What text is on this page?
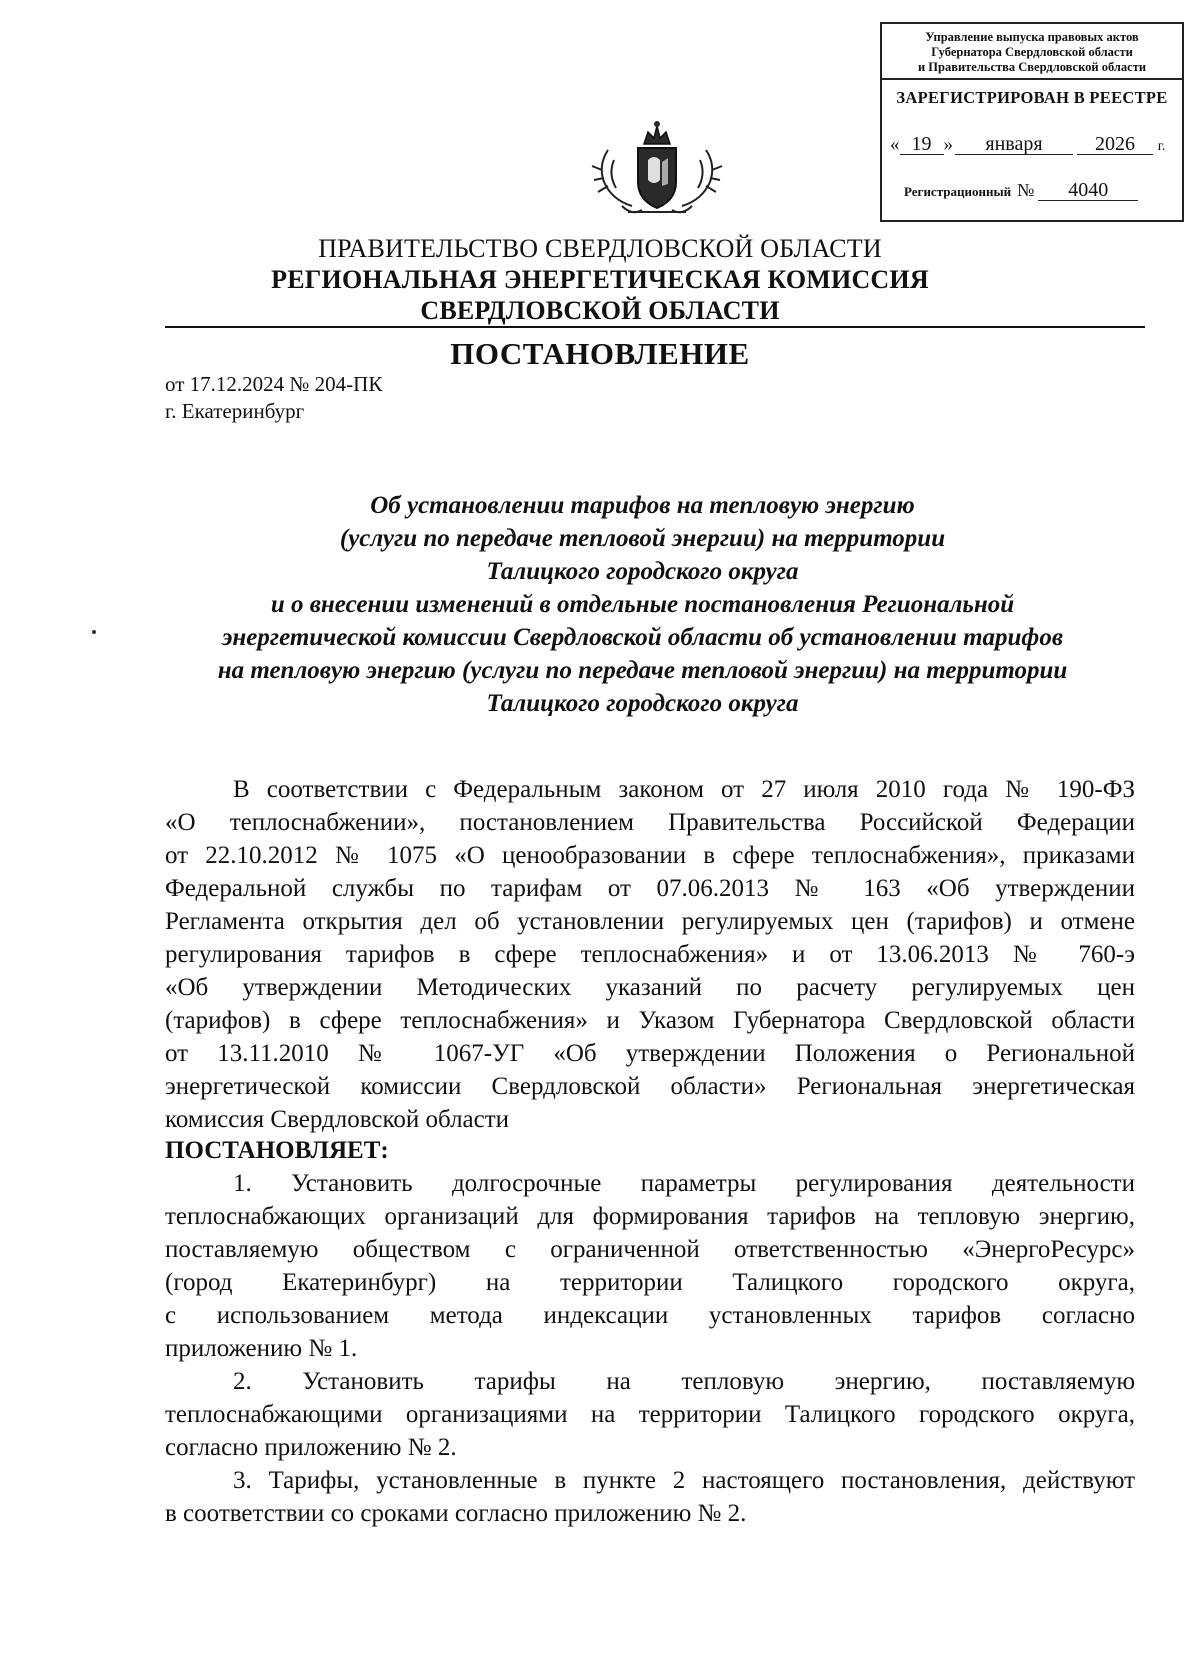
Управление выпуска правовых актов
Губернатора Свердловской области
и Правительства Свердловской области
ЗАРЕГИСТРИРОВАН В РЕЕСТРЕ
« 19 » января	2026 г.
Регистрационный № 4040
ПРАВИТЕЛЬСТВО СВЕРДЛОВСКОЙ ОБЛАСТИ
РЕГИОНАЛЬНАЯ ЭНЕРГЕТИЧЕСКАЯ КОМИССИЯ
СВЕРДЛОВСКОЙ ОБЛАСТИ
ПОСТАНОВЛЕНИЕ
от 17.12.2024 № 204-ПК
г. Екатеринбург
Об установлении тарифов на тепловую энергию
(услуги по передаче тепловой энергии) на территории
Талицкого городского округа
и о внесении изменений в отдельные постановления Региональной
энергетической комиссии Свердловской области об установлении тарифов
на тепловую энергию (услуги по передаче тепловой энергии) на территории
Талицкого городского округа
В соответствии с Федеральным законом от 27 июля 2010 года № 190-ФЗ
«О теплоснабжении», постановлением Правительства Российской Федерации
от 22.10.2012 № 1075 «О ценообразовании в сфере теплоснабжения», приказами
Федеральной службы по тарифам от 07.06.2013 № 163 «Об утверждении
Регламента открытия дел об установлении регулируемых цен (тарифов) и отмене
регулирования тарифов в сфере теплоснабжения» и от 13.06.2013 № 760-э
«Об утверждении Методических указаний по расчету регулируемых цен
(тарифов) в сфере теплоснабжения» и Указом Губернатора Свердловской области
от 13.11.2010 № 1067-УГ «Об утверждении Положения о Региональной
энергетической комиссии Свердловской области» Региональная энергетическая
комиссия Свердловской области
ПОСТАНОВЛЯЕТ:
1. Установить долгосрочные параметры регулирования деятельности
теплоснабжающих организаций для формирования тарифов на тепловую энергию,
поставляемую обществом с ограниченной ответственностью «ЭнергоРесурс»
(город Екатеринбург) на территории Талицкого городского округа,
с использованием метода индексации установленных тарифов согласно
приложению № 1.
2. Установить тарифы на тепловую энергию, поставляемую
теплоснабжающими организациями на территории Талицкого городского округа,
согласно приложению № 2.
3. Тарифы, установленные в пункте 2 настоящего постановления, действуют
в соответствии со сроками согласно приложению № 2.
